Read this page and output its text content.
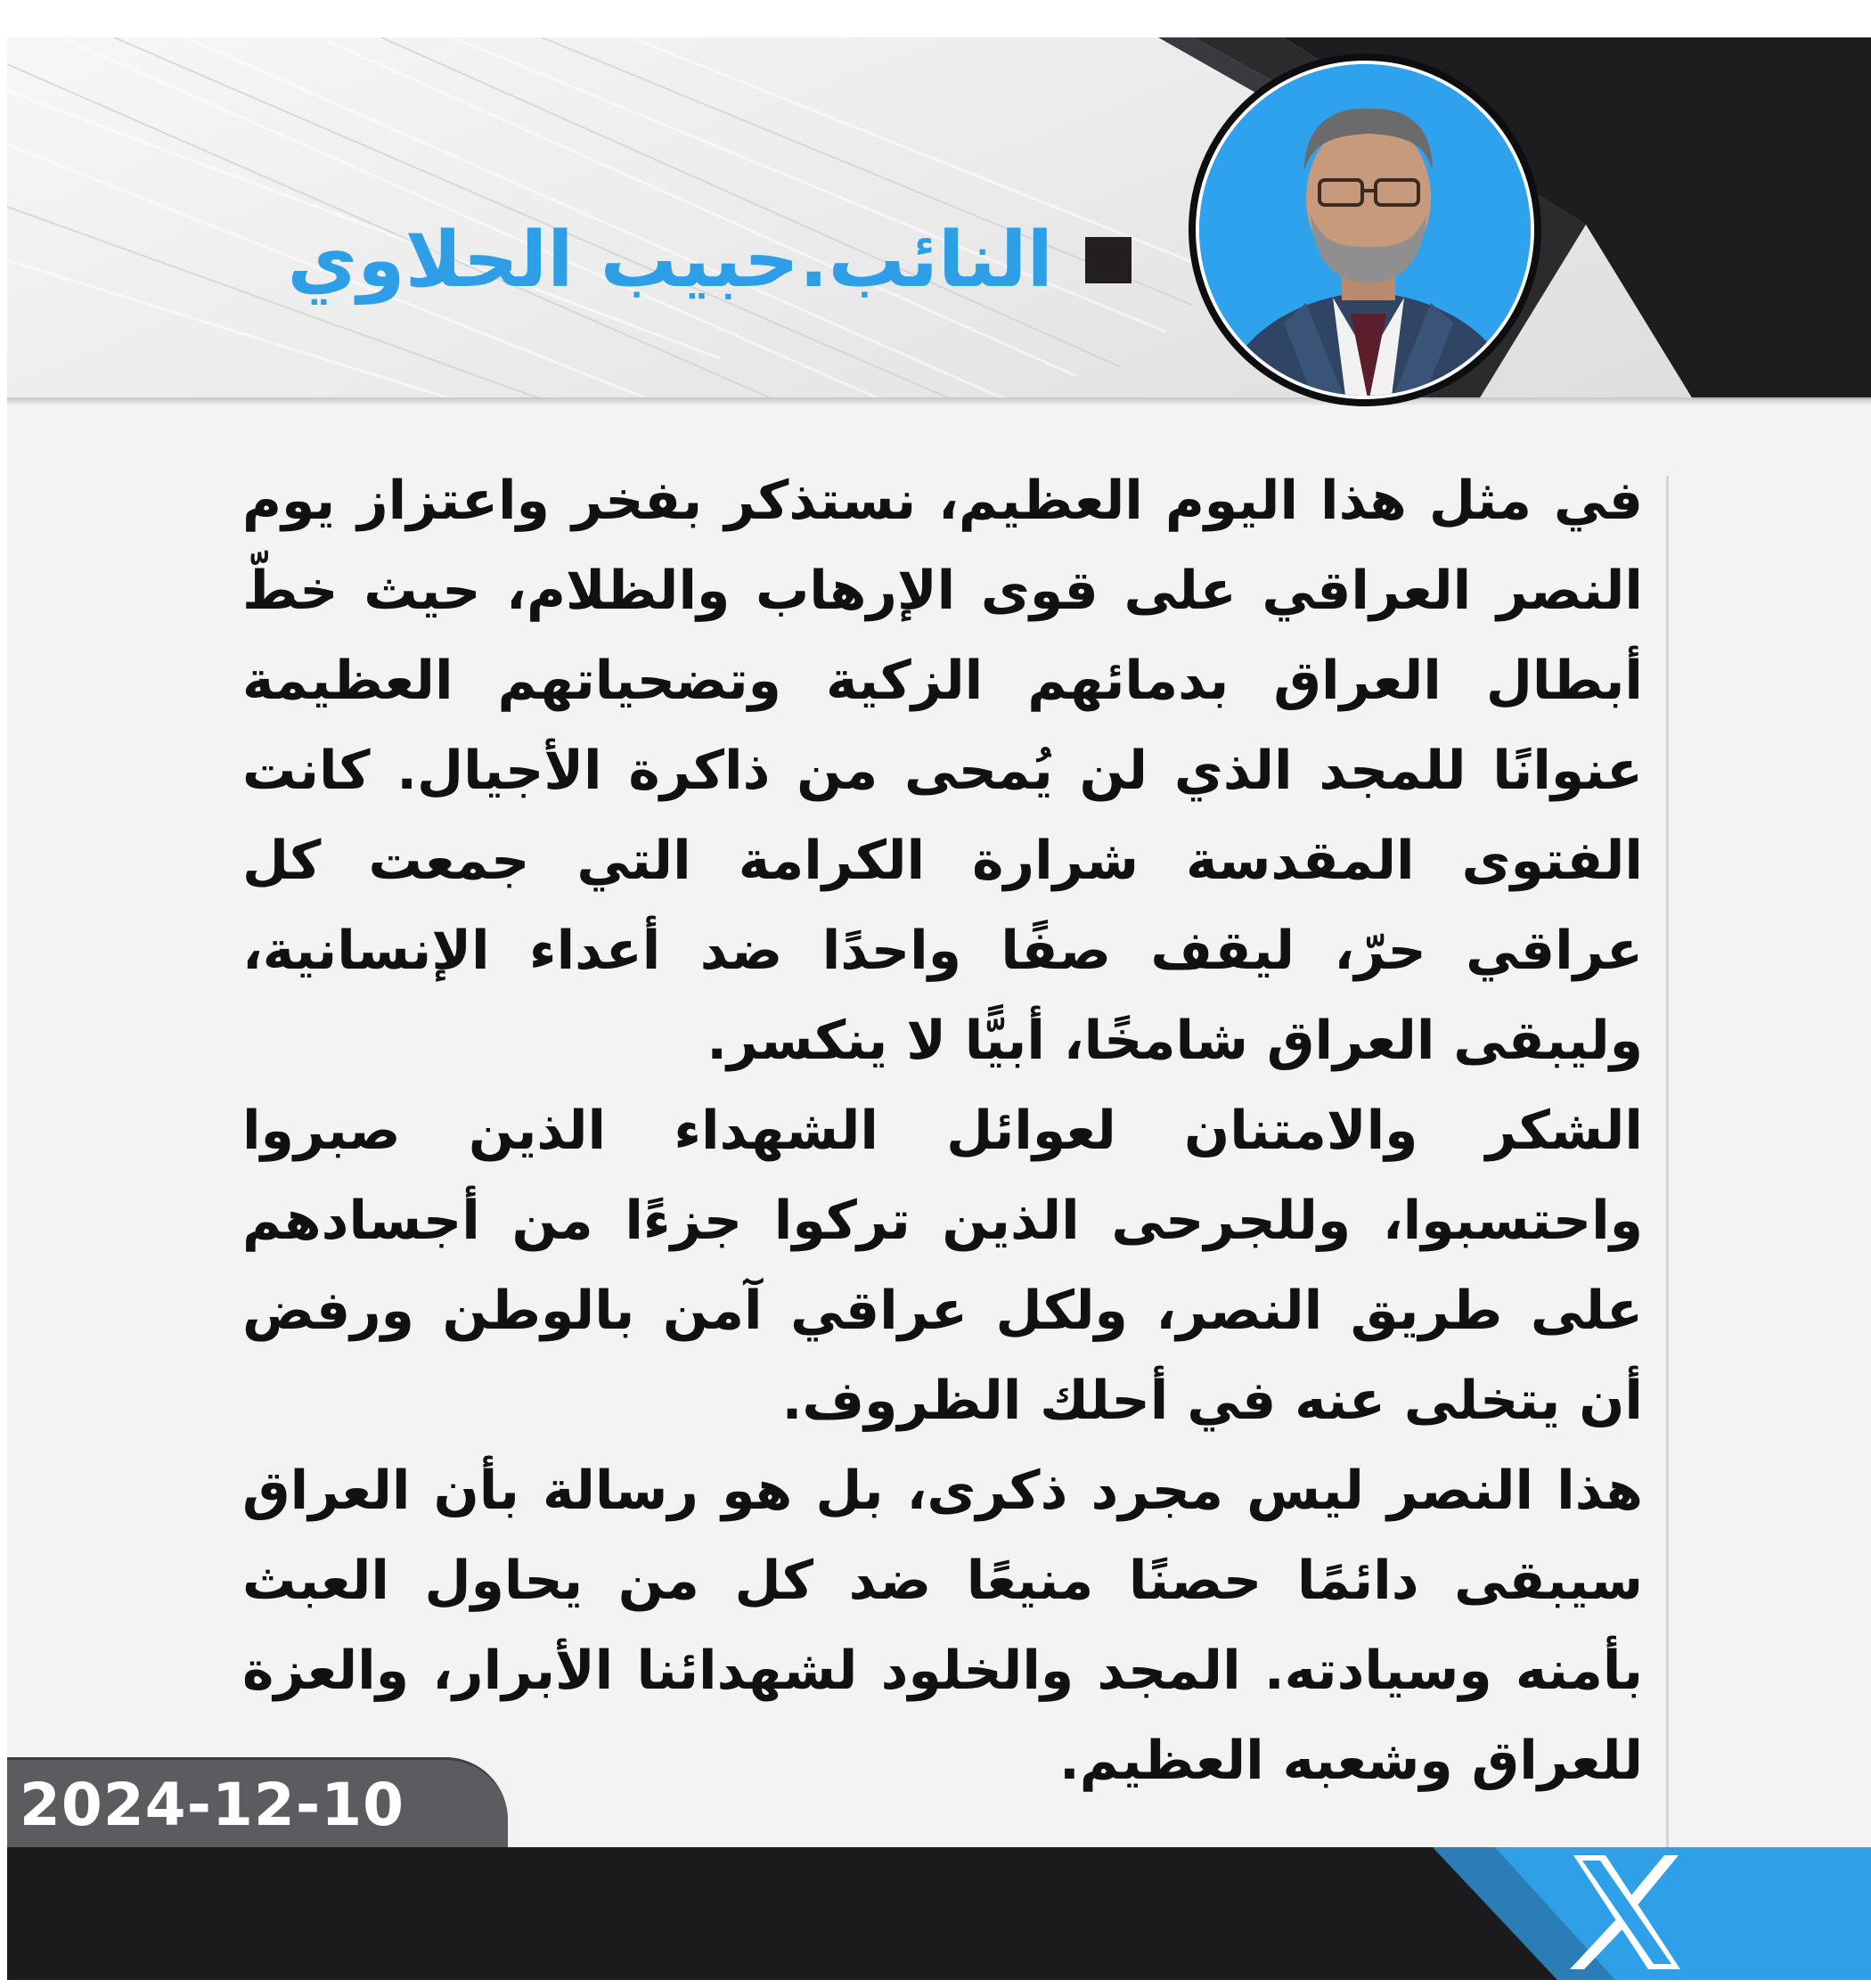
النائب.حبيب الحلاوي

في مثل هذا اليوم العظيم، نستذكر بفخر واعتزاز يوم النصر العراقي على قوى الإرهاب والظلام، حيث خطّ أبطال العراق بدمائهم الزكية وتضحياتهم العظيمة عنوانًا للمجد الذي لن يُمحى من ذاكرة الأجيال. كانت الفتوى المقدسة شرارة الكرامة التي جمعت كل عراقي حرّ، ليقف صفًا واحدًا ضد أعداء الإنسانية، وليبقى العراق شامخًا، أبيًّا لا ينكسر.

الشكر والامتنان لعوائل الشهداء الذين صبروا واحتسبوا، وللجرحى الذين تركوا جزءًا من أجسادهم على طريق النصر، ولكل عراقي آمن بالوطن ورفض أن يتخلى عنه في أحلك الظروف.

هذا النصر ليس مجرد ذكرى، بل هو رسالة بأن العراق سيبقى دائمًا حصنًا منيعًا ضد كل من يحاول العبث بأمنه وسيادته. المجد والخلود لشهدائنا الأبرار، والعزة للعراق وشعبه العظيم.

2024-12-10
